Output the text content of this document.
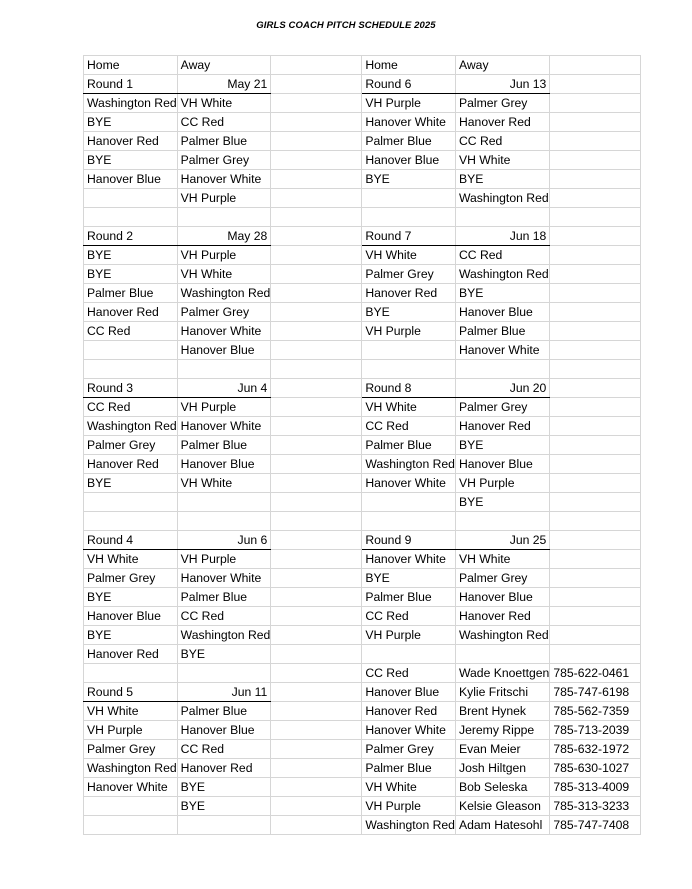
GIRLS COACH PITCH SCHEDULE 2025
Home	Away		Home	Away	
Round 1	May 21		Round 6	Jun 13	
Washington Red	VH White		VH Purple	Palmer Grey	
BYE	CC Red		Hanover White	Hanover Red	
Hanover Red	Palmer Blue		Palmer Blue	CC Red	
BYE	Palmer Grey		Hanover Blue	VH White	
Hanover Blue	Hanover White		BYE	BYE	
	VH Purple			Washington Red	

Round 2	May 28		Round 7	Jun 18	
BYE	VH Purple		VH White	CC Red	
BYE	VH White		Palmer Grey	Washington Red	
Palmer Blue	Washington Red		Hanover Red	BYE	
Hanover Red	Palmer Grey		BYE	Hanover Blue	
CC Red	Hanover White		VH Purple	Palmer Blue	
	Hanover Blue			Hanover White	

Round 3	Jun 4		Round 8	Jun 20	
CC Red	VH Purple		VH White	Palmer Grey	
Washington Red	Hanover White		CC Red	Hanover Red	
Palmer Grey	Palmer Blue		Palmer Blue	BYE	
Hanover Red	Hanover Blue		Washington Red	Hanover Blue	
BYE	VH White		Hanover White	VH Purple	
				BYE	

Round 4	Jun 6		Round 9	Jun 25	
VH White	VH Purple		Hanover White	VH White	
Palmer Grey	Hanover White		BYE	Palmer Grey	
BYE	Palmer Blue		Palmer Blue	Hanover Blue	
Hanover Blue	CC Red		CC Red	Hanover Red	
BYE	Washington Red		VH Purple	Washington Red	
Hanover Red	BYE				
			CC Red	Wade Knoettgen	785-622-0461
Round 5	Jun 11		Hanover Blue	Kylie Fritschi	785-747-6198
VH White	Palmer Blue		Hanover Red	Brent Hynek	785-562-7359
VH Purple	Hanover Blue		Hanover White	Jeremy Rippe	785-713-2039
Palmer Grey	CC Red		Palmer Grey	Evan Meier	785-632-1972
Washington Red	Hanover Red		Palmer Blue	Josh Hiltgen	785-630-1027
Hanover White	BYE		VH White	Bob Seleska	785-313-4009
	BYE		VH Purple	Kelsie Gleason	785-313-3233
			Washington Red	Adam Hatesohl	785-747-7408
